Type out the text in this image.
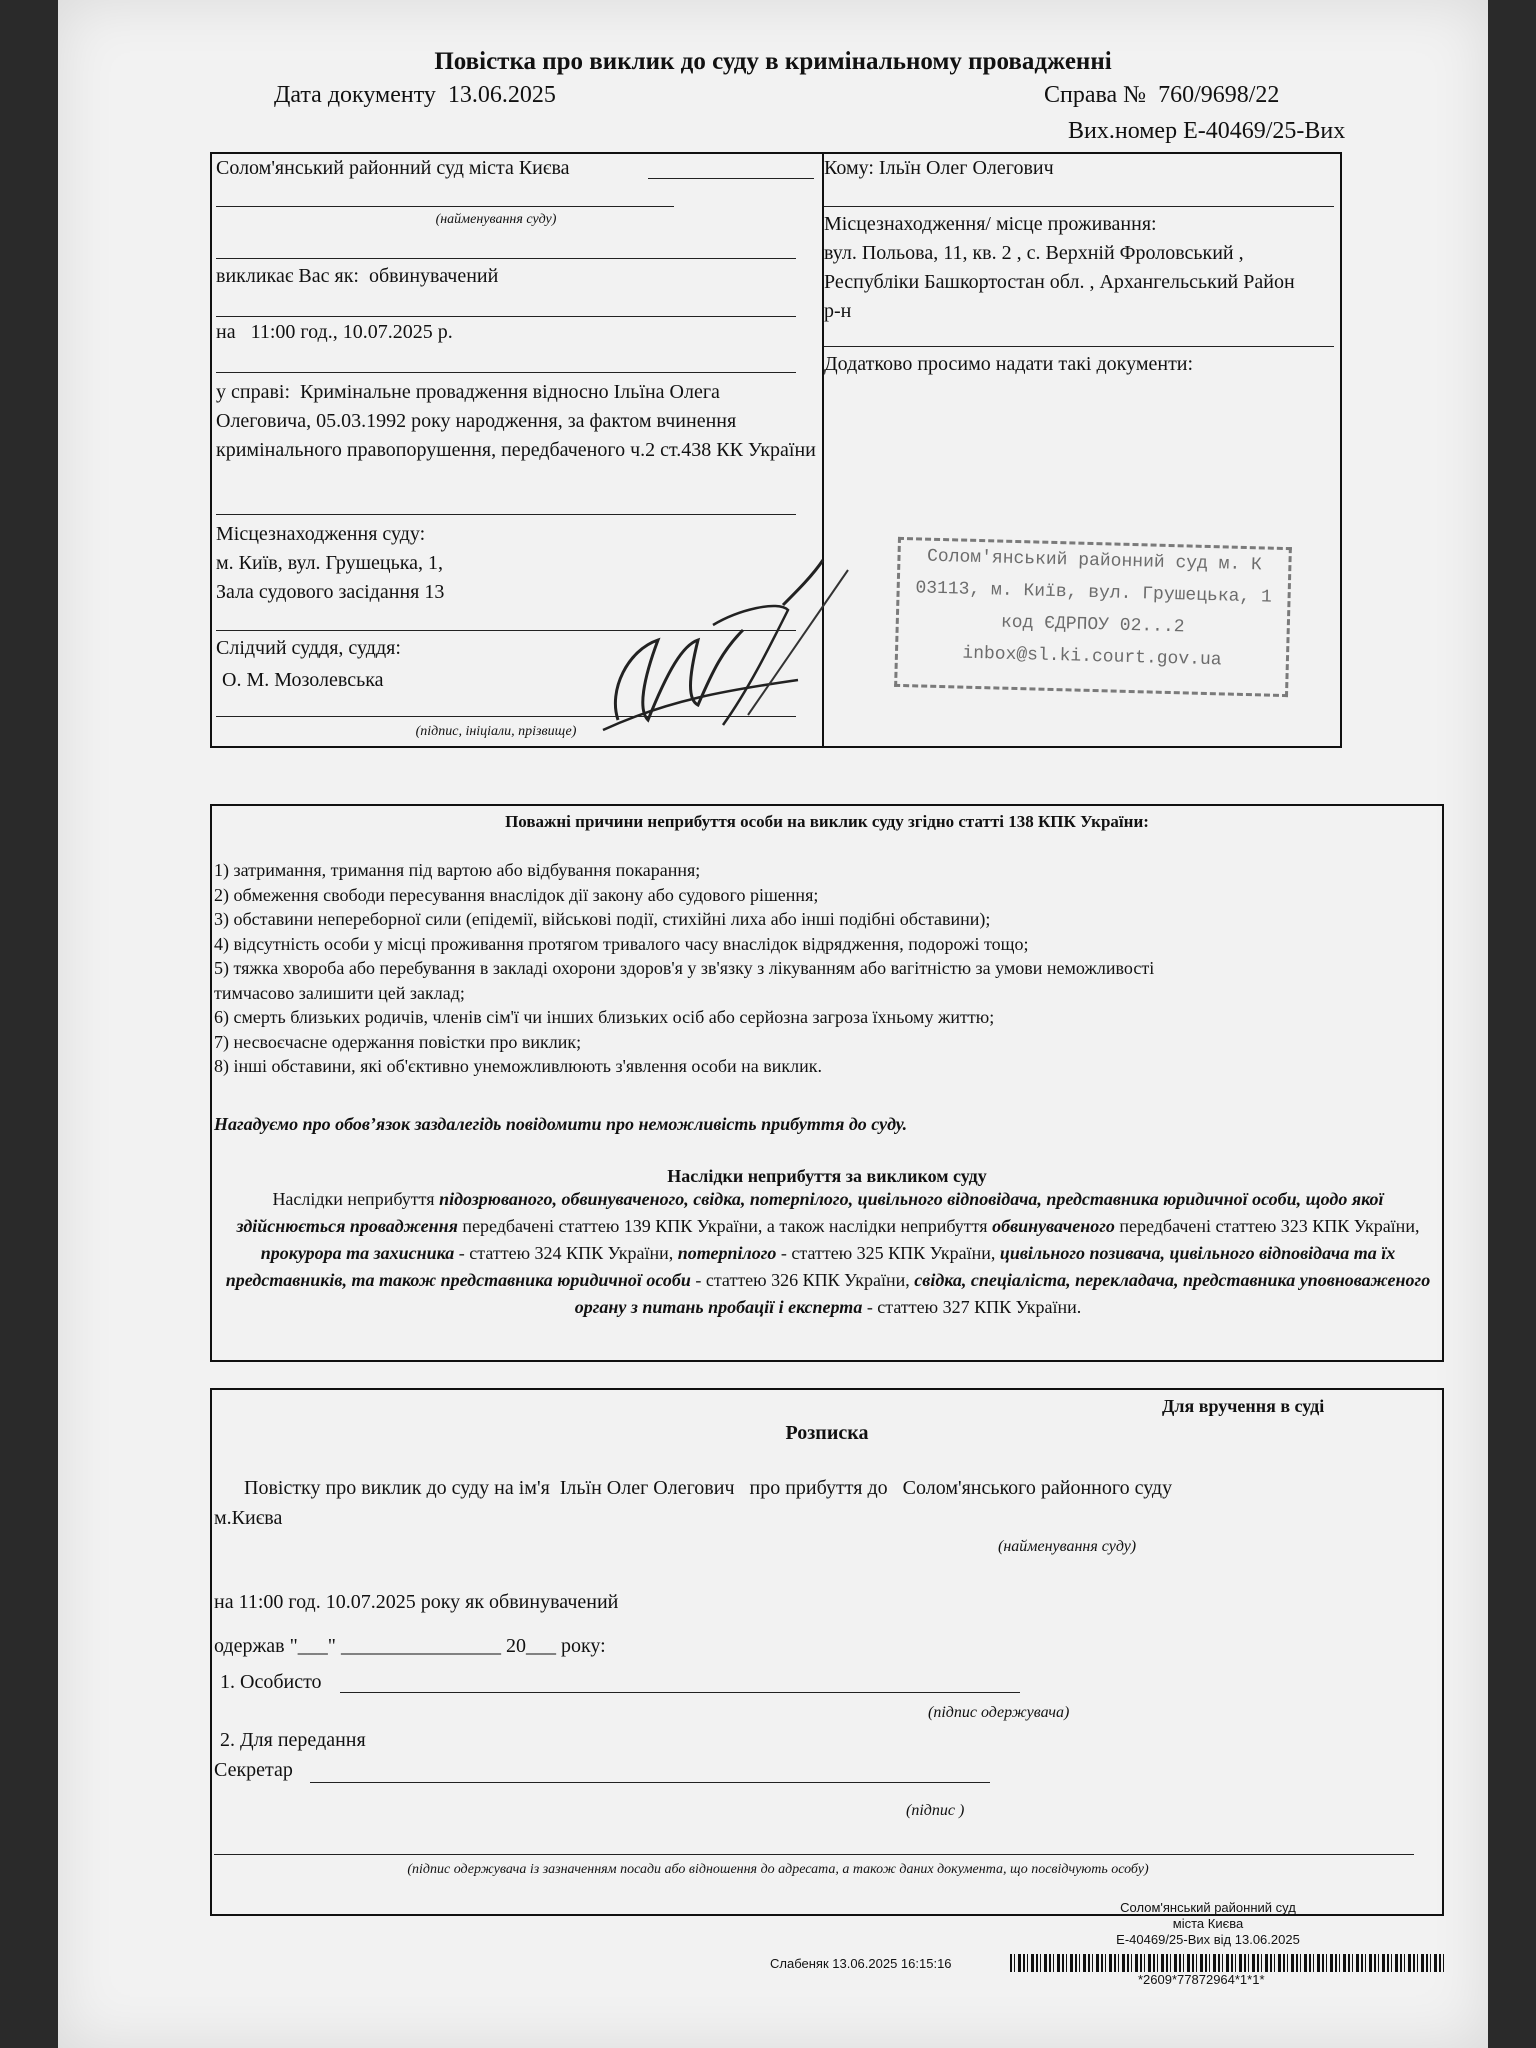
Повістка про виклик до суду в кримінальному провадженні
Дата документу 13.06.2025	Справа № 760/9698/22
Вих.номер Е-40469/25-Вих
Солом'янський районний суд міста Києва
(найменування суду)
викликає Вас як: обвинувачений
на 11:00 год., 10.07.2025 р.
у справі: Кримінальне провадження відносно Ільїна Олега Олеговича, 05.03.1992 року народження, за фактом вчинення кримінального правопорушення, передбаченого ч.2 ст.438 КК України
Місцезнаходження суду:
м. Київ, вул. Грушецька, 1,
Зала судового засідання 13
Слідчий суддя, суддя:
О. М. Мозолевська
(підпис, ініціали, прізвище)
Кому: Ільїн Олег Олегович
Місцезнаходження/ місце проживання:
вул. Польова, 11, кв. 2 , с. Верхній Фроловський ,
Республіки Башкортостан обл. , Архангельський Район
р-н
Додатково просимо надати такі документи:
Солом'янський районний суд м. К
03113, м. Київ, вул. Грушецька, 1
код ЄДРПОУ 02...2
inbox@sl.ki.court.gov.ua
Поважні причини неприбуття особи на виклик суду згідно статті 138 КПК України:
1) затримання, тримання під вартою або відбування покарання;
2) обмеження свободи пересування внаслідок дії закону або судового рішення;
3) обставини непереборної сили (епідемії, військові події, стихійні лиха або інші подібні обставини);
4) відсутність особи у місці проживання протягом тривалого часу внаслідок відрядження, подорожі тощо;
5) тяжка хвороба або перебування в закладі охорони здоров'я у зв'язку з лікуванням або вагітністю за умови неможливості
тимчасово залишити цей заклад;
6) смерть близьких родичів, членів сім'ї чи інших близьких осіб або серйозна загроза їхньому життю;
7) несвоєчасне одержання повістки про виклик;
8) інші обставини, які об'єктивно унеможливлюють з'явлення особи на виклик.
Нагадуємо про обов’язок заздалегідь повідомити про неможливість прибуття до суду.
Наслідки неприбуття за викликом суду
Наслідки неприбуття підозрюваного, обвинуваченого, свідка, потерпілого, цивільного відповідача, представника юридичної особи, щодо якої здійснюється провадження передбачені статтею 139 КПК України, а також наслідки неприбуття обвинуваченого передбачені статтею 323 КПК України, прокурора та захисника - статтею 324 КПК України, потерпілого - статтею 325 КПК України, цивільного позивача, цивільного відповідача та їх представників, та також представника юридичної особи - статтею 326 КПК України, свідка, спеціаліста, перекладача, представника уповноваженого органу з питань пробації і експерта - статтею 327 КПК України.
Для вручення в суді
Розписка
Повістку про виклик до суду на ім'я Ільїн Олег Олегович про прибуття до Солом'янського районного суду
м.Києва
(найменування суду)
на 11:00 год. 10.07.2025 року як обвинувачений
одержав "___" ________________ 20___ року:
1. Особисто
(підпис одержувача)
2. Для передання
Секретар
(підпис )
(підпис одержувача із зазначенням посади або відношення до адресата, а також даних документа, що посвідчують особу)
Солом'янський районний суд
міста Києва
Е-40469/25-Вих від 13.06.2025
Слабеняк 13.06.2025 16:15:16
*2609*77872964*1*1*
